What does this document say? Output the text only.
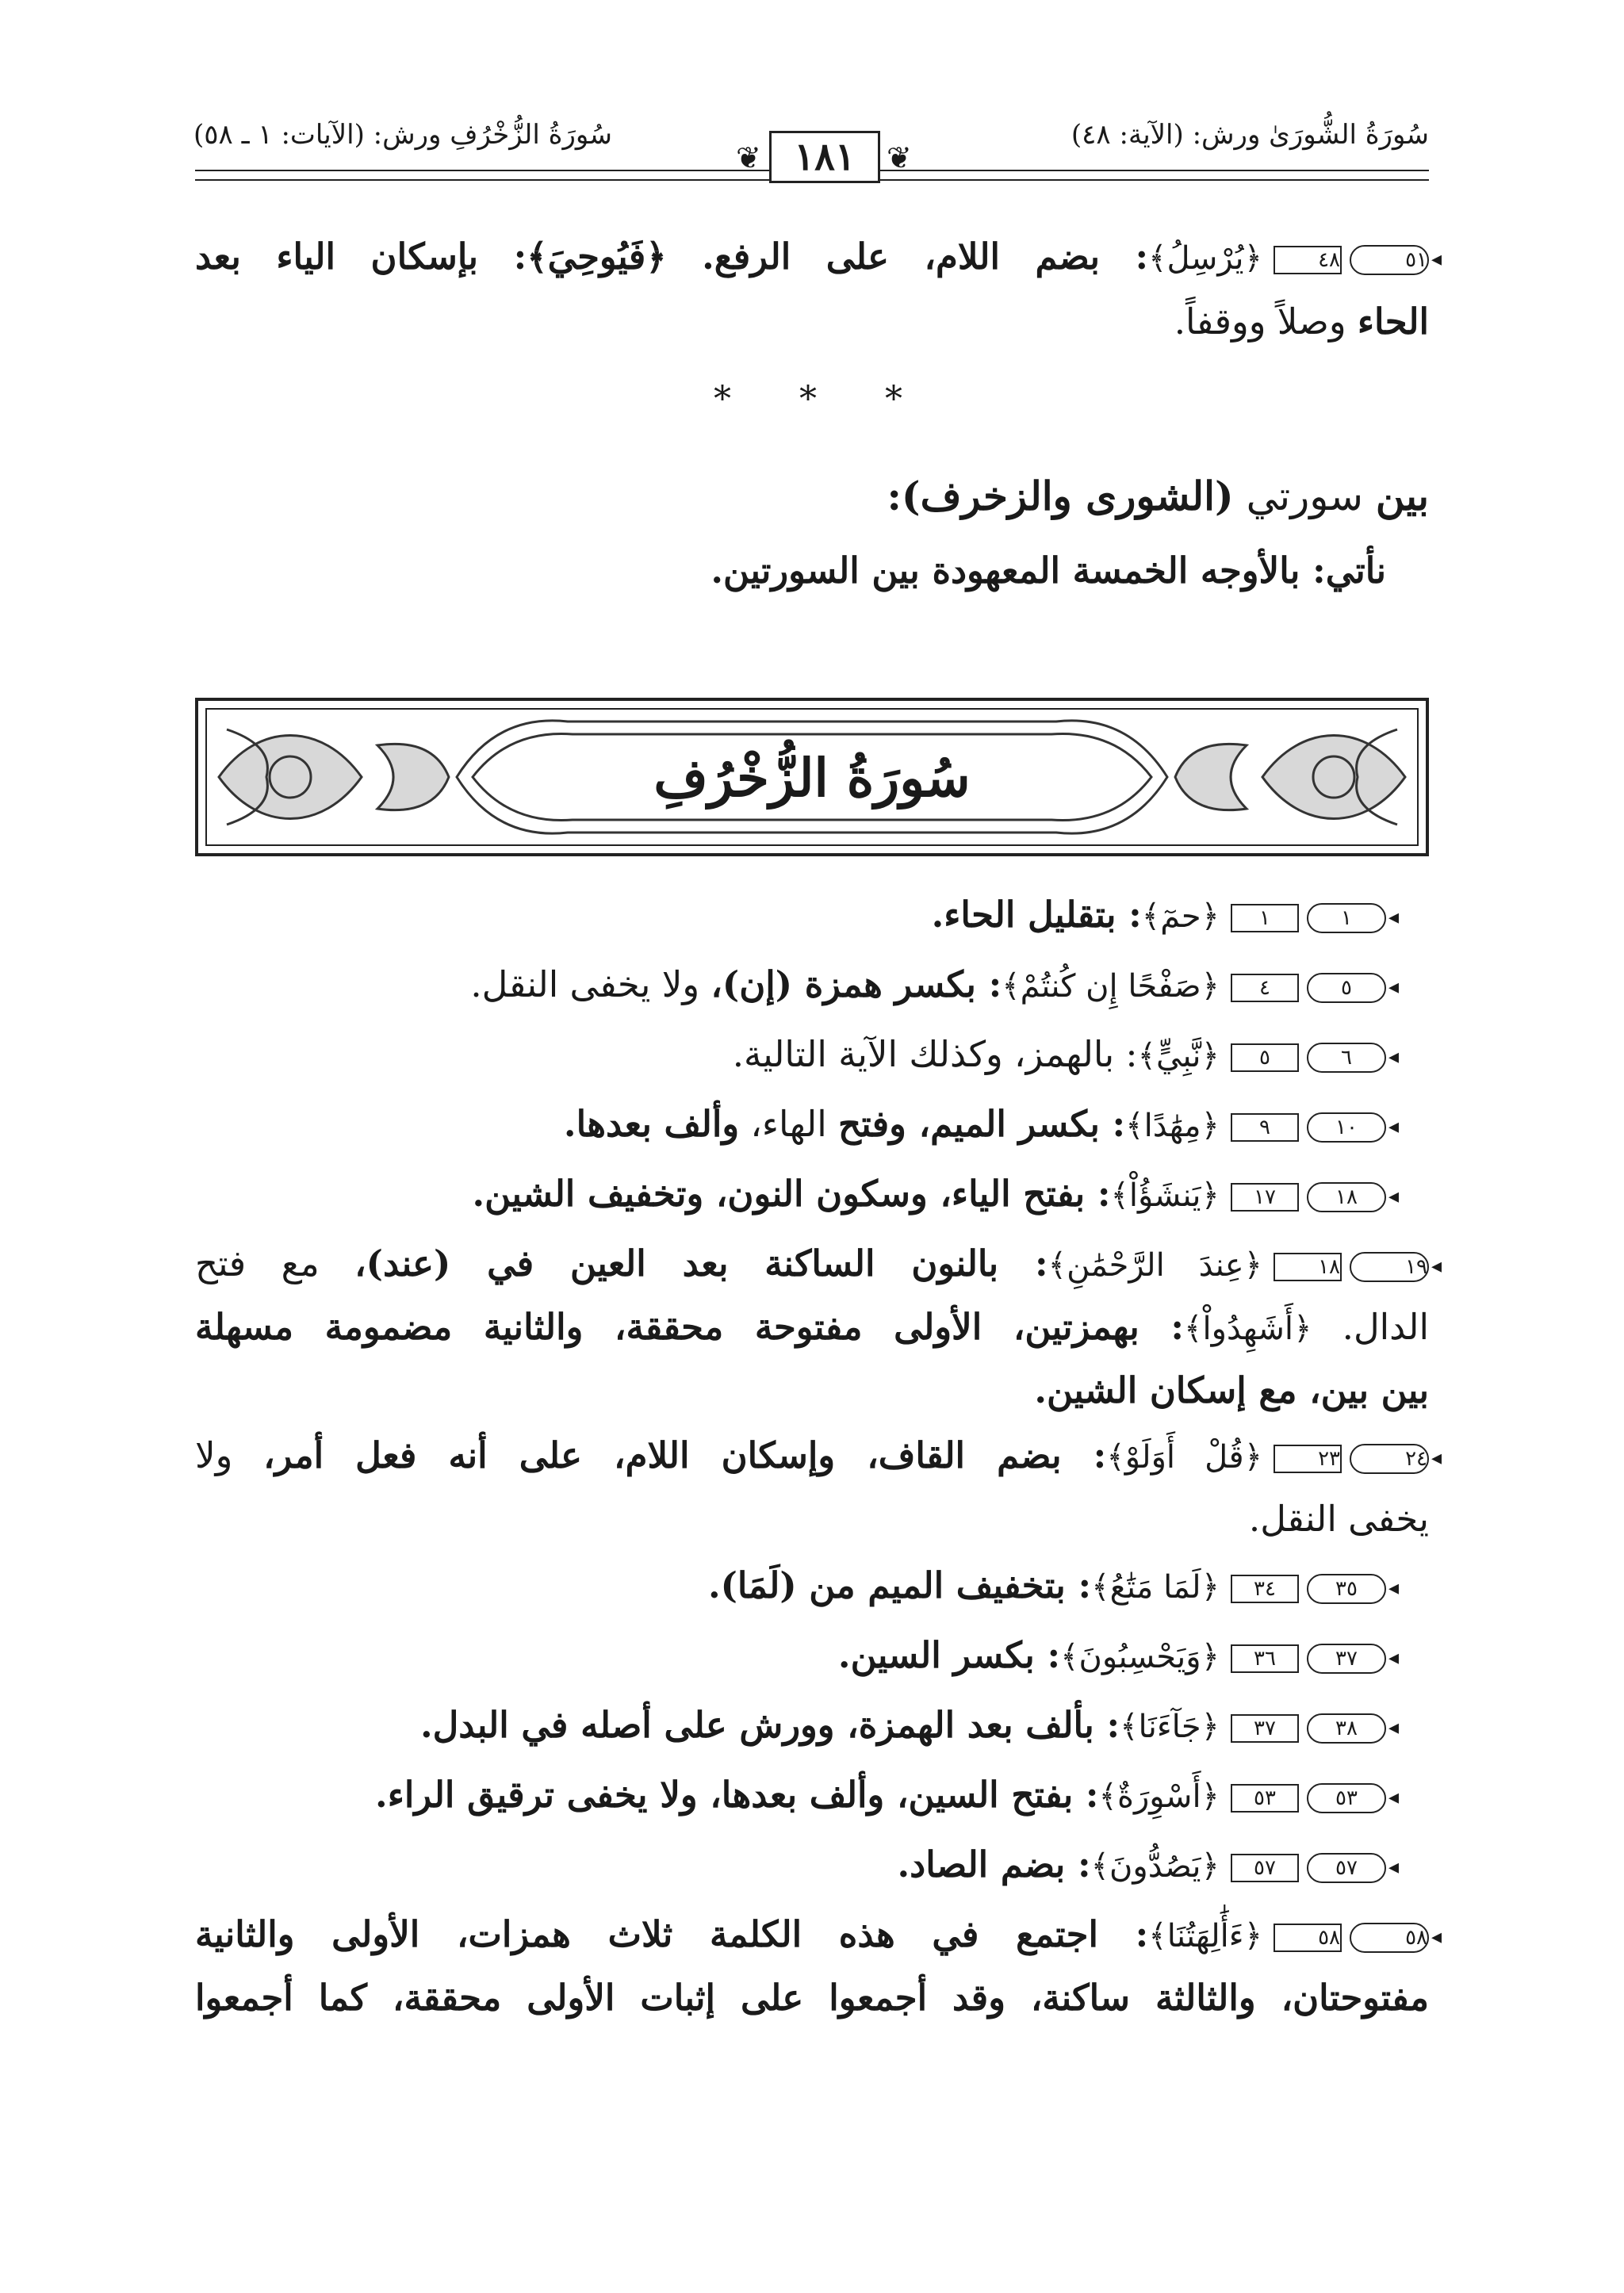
سُورَةُ الشُّورَىٰ ورش: (الآية: ٤٨)
سُورَةُ الزُّخْرُفِ ورش: (الآيات: ١ ـ ٥٨)
❦	❦
١٨١
٥١ ◂٤٨﴿يُرْسِلُ﴾: بضم اللام، على الرفع. ﴿فَيُوحِيَ﴾: بإسكان الياء بعد
الحاء وصلاً ووقفاً.
* * *
بين سورتي (الشورى والزخرف):
نأتي: بالأوجه الخمسة المعهودة بين السورتين.
سُورَةُ الزُّخْرُفِ
١ ◂١﴿حمٓ﴾: بتقليل الحاء.
٥ ◂٤﴿صَفْحًا إِن كُنتُمْ﴾: بكسر همزة (إن)، ولا يخفى النقل.
٦ ◂٥﴿نَّبِيٍّ﴾: بالهمز، وكذلك الآية التالية.
١٠ ◂٩﴿مِهَٰدًا﴾: بكسر الميم، وفتح الهاء، وألف بعدها.
١٨ ◂١٧﴿يَنشَؤُاْ﴾: بفتح الياء، وسكون النون، وتخفيف الشين.
١٩ ◂١٨﴿عِندَ الرَّحْمَٰنِ﴾: بالنون الساكنة بعد العين في (عند)، مع فتح
الدال. ﴿أَشَهِدُواْ﴾: بهمزتين، الأولى مفتوحة محققة، والثانية مضمومة مسهلة
بين بين، مع إسكان الشين.
٢٤ ◂٢٣﴿قُلْ أَوَلَوْ﴾: بضم القاف، وإسكان اللام، على أنه فعل أمر، ولا
يخفى النقل.
٣٥ ◂٣٤﴿لَمَا مَتَٰعُ﴾: بتخفيف الميم من (لَمَا).
٣٧ ◂٣٦﴿وَيَحْسِبُونَ﴾: بكسر السين.
٣٨ ◂٣٧﴿جَآءَنَا﴾: بألف بعد الهمزة، وورش على أصله في البدل.
٥٣ ◂٥٣﴿أَسْوِرَةٌ﴾: بفتح السين، وألف بعدها، ولا يخفى ترقيق الراء.
٥٧ ◂٥٧﴿يَصُدُّونَ﴾: بضم الصاد.
٥٨ ◂٥٨﴿ءَأَٰلِهَتُنَا﴾: اجتمع في هذه الكلمة ثلاث همزات، الأولى والثانية
مفتوحتان، والثالثة ساكنة، وقد أجمعوا على إثبات الأولى محققة، كما أجمعوا
